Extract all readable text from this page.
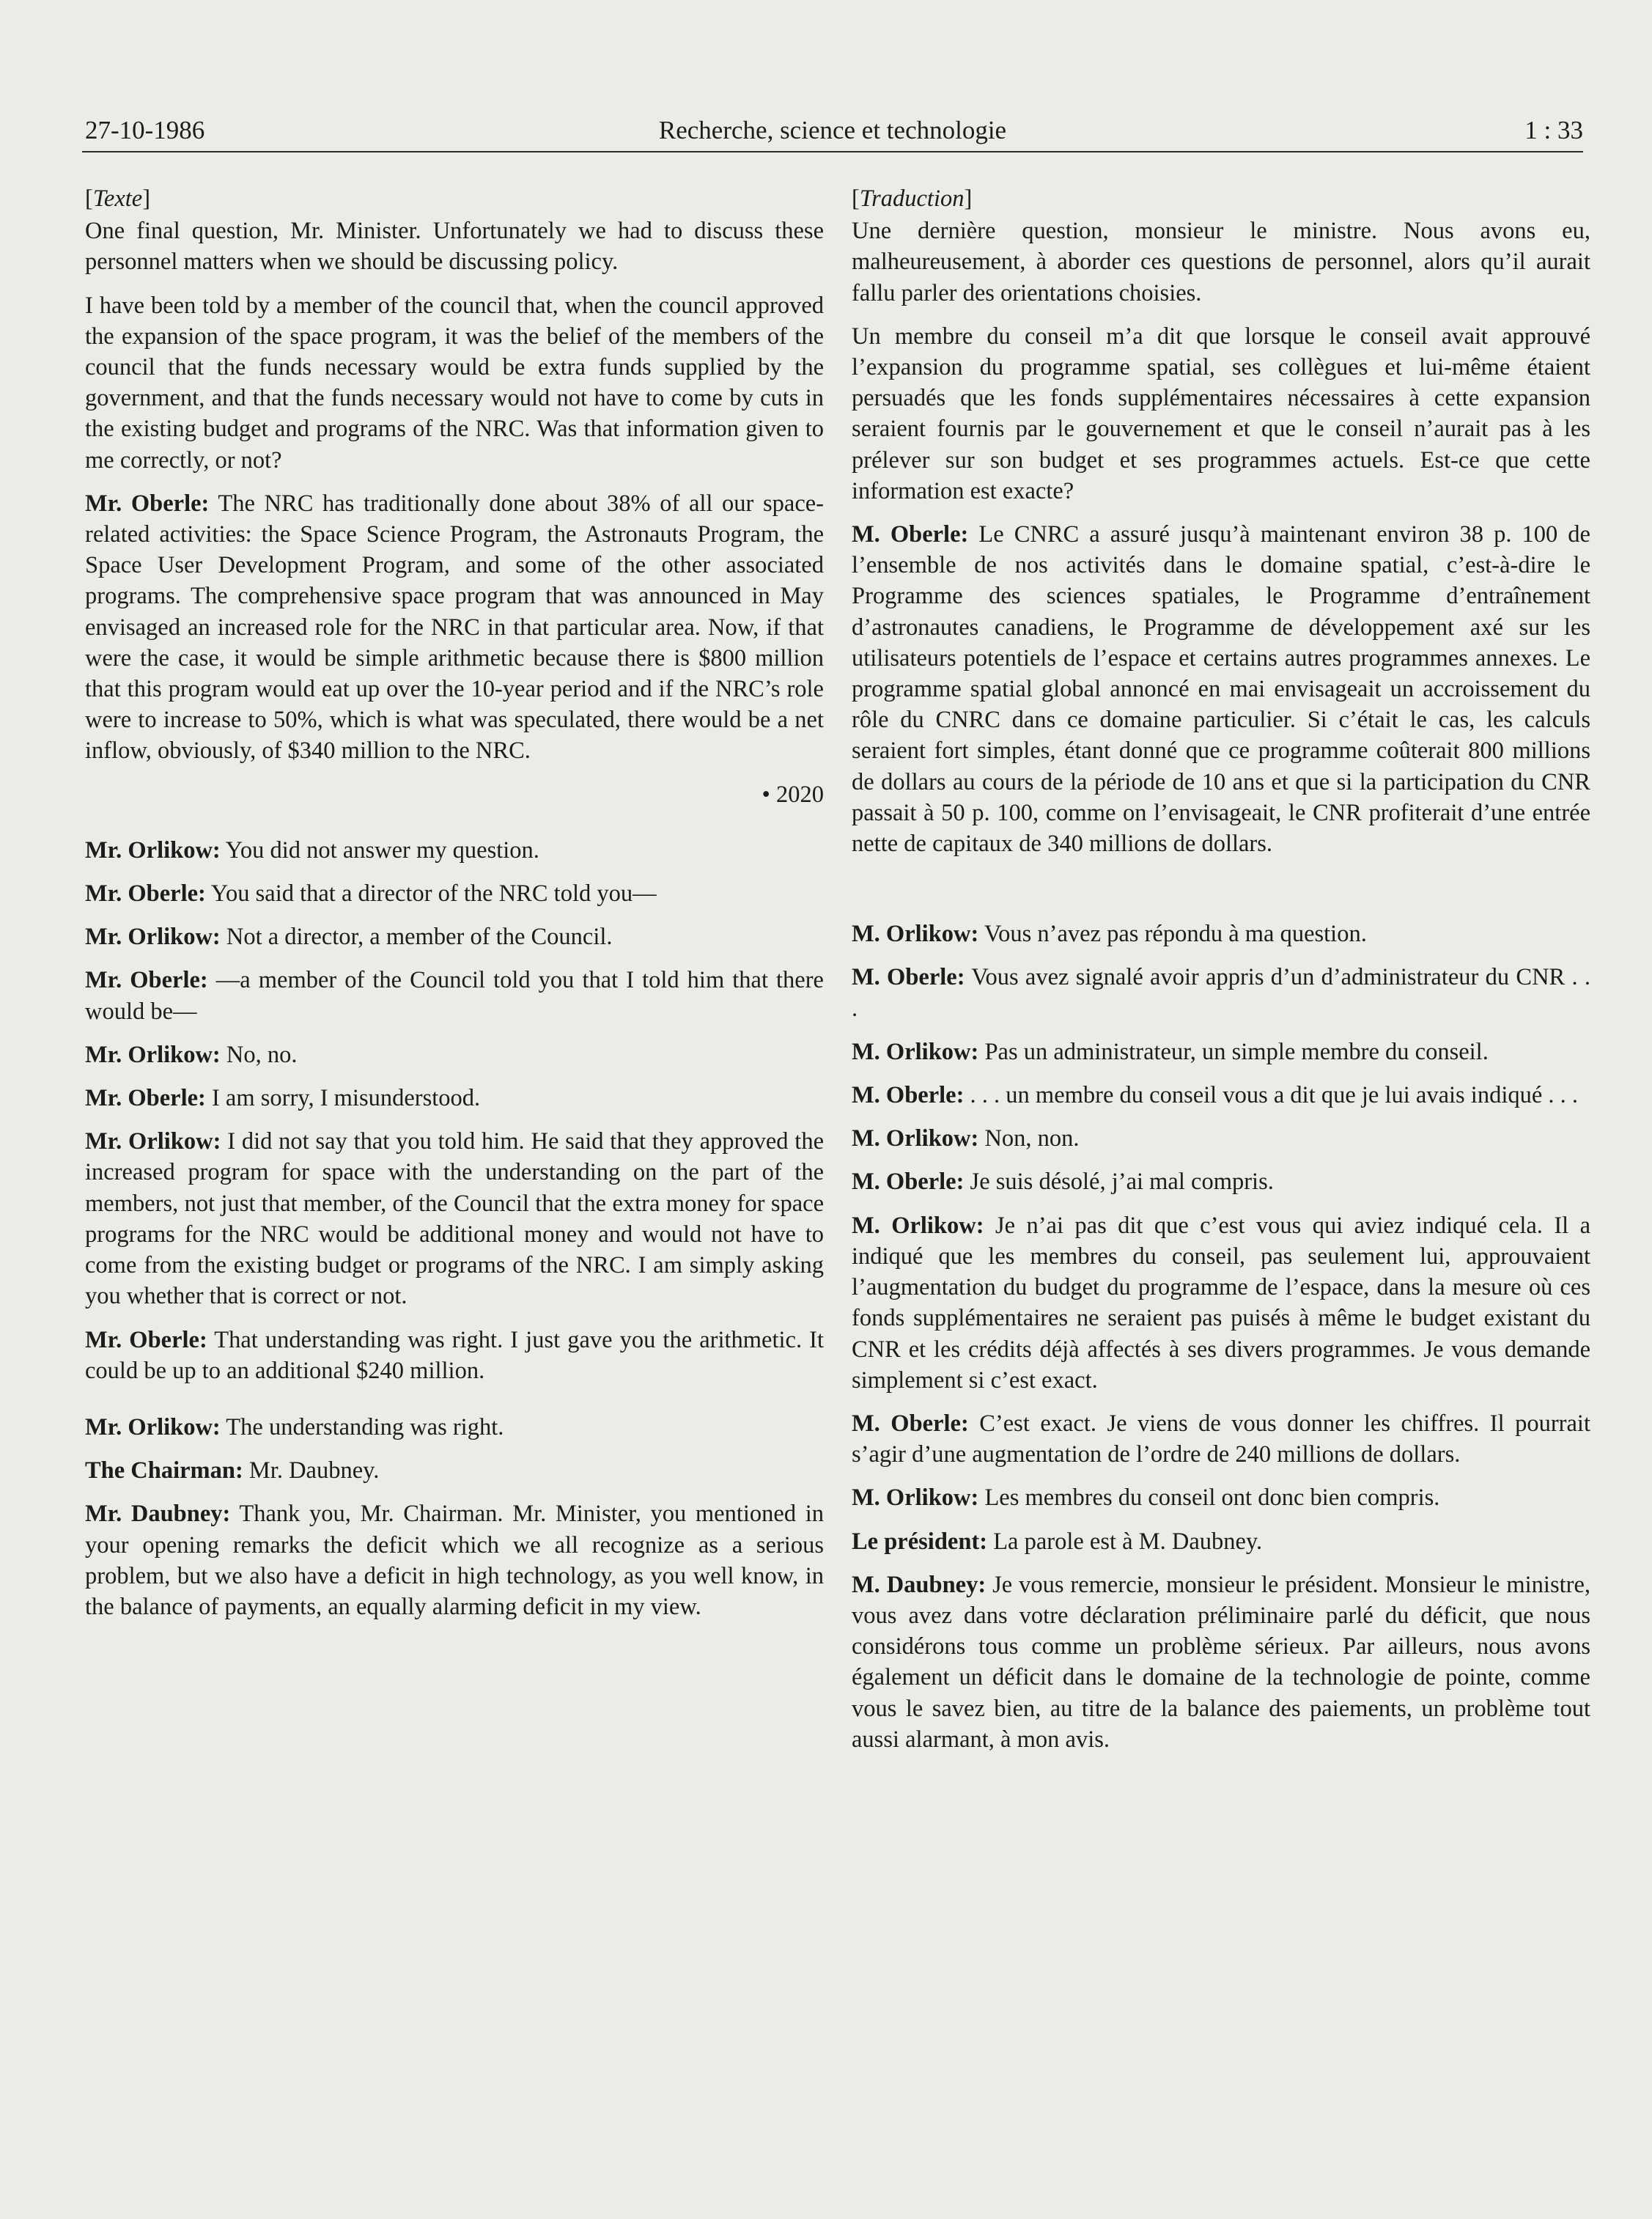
27-10-1986	Recherche, science et technologie	1 : 33
[Texte]
One final question, Mr. Minister. Unfortunately we had to discuss these personnel matters when we should be discussing policy.
I have been told by a member of the council that, when the council approved the expansion of the space program, it was the belief of the members of the council that the funds necessary would be extra funds supplied by the government, and that the funds necessary would not have to come by cuts in the existing budget and programs of the NRC. Was that information given to me correctly, or not?
Mr. Oberle: The NRC has traditionally done about 38% of all our space-related activities: the Space Science Program, the Astronauts Program, the Space User Development Program, and some of the other associated programs. The comprehensive space program that was announced in May envisaged an increased role for the NRC in that particular area. Now, if that were the case, it would be simple arithmetic because there is $800 million that this program would eat up over the 10-year period and if the NRC’s role were to increase to 50%, which is what was speculated, there would be a net inflow, obviously, of $340 million to the NRC.
• 2020
Mr. Orlikow: You did not answer my question.
Mr. Oberle: You said that a director of the NRC told you—
Mr. Orlikow: Not a director, a member of the Council.
Mr. Oberle: —a member of the Council told you that I told him that there would be—
Mr. Orlikow: No, no.
Mr. Oberle: I am sorry, I misunderstood.
Mr. Orlikow: I did not say that you told him. He said that they approved the increased program for space with the understanding on the part of the members, not just that member, of the Council that the extra money for space programs for the NRC would be additional money and would not have to come from the existing budget or programs of the NRC. I am simply asking you whether that is correct or not.
Mr. Oberle: That understanding was right. I just gave you the arithmetic. It could be up to an additional $240 million.
Mr. Orlikow: The understanding was right.
The Chairman: Mr. Daubney.
Mr. Daubney: Thank you, Mr. Chairman. Mr. Minister, you mentioned in your opening remarks the deficit which we all recognize as a serious problem, but we also have a deficit in high technology, as you well know, in the balance of payments, an equally alarming deficit in my view.
[Traduction]
Une dernière question, monsieur le ministre. Nous avons eu, malheureusement, à aborder ces questions de personnel, alors qu’il aurait fallu parler des orientations choisies.
Un membre du conseil m’a dit que lorsque le conseil avait approuvé l’expansion du programme spatial, ses collègues et lui-même étaient persuadés que les fonds supplémentaires nécessaires à cette expansion seraient fournis par le gouvernement et que le conseil n’aurait pas à les prélever sur son budget et ses programmes actuels. Est-ce que cette information est exacte?
M. Oberle: Le CNRC a assuré jusqu’à maintenant environ 38 p. 100 de l’ensemble de nos activités dans le domaine spatial, c’est-à-dire le Programme des sciences spatiales, le Programme d’entraînement d’astronautes canadiens, le Programme de développement axé sur les utilisateurs potentiels de l’espace et certains autres programmes annexes. Le programme spatial global annoncé en mai envisageait un accroissement du rôle du CNRC dans ce domaine particulier. Si c’était le cas, les calculs seraient fort simples, étant donné que ce programme coûterait 800 millions de dollars au cours de la période de 10 ans et que si la participation du CNR passait à 50 p. 100, comme on l’envisageait, le CNR profiterait d’une entrée nette de capitaux de 340 millions de dollars.
M. Orlikow: Vous n’avez pas répondu à ma question.
M. Oberle: Vous avez signalé avoir appris d’un d’administrateur du CNR . . .
M. Orlikow: Pas un administrateur, un simple membre du conseil.
M. Oberle: . . . un membre du conseil vous a dit que je lui avais indiqué . . .
M. Orlikow: Non, non.
M. Oberle: Je suis désolé, j’ai mal compris.
M. Orlikow: Je n’ai pas dit que c’est vous qui aviez indiqué cela. Il a indiqué que les membres du conseil, pas seulement lui, approuvaient l’augmentation du budget du programme de l’espace, dans la mesure où ces fonds supplémentaires ne seraient pas puisés à même le budget existant du CNR et les crédits déjà affectés à ses divers programmes. Je vous demande simplement si c’est exact.
M. Oberle: C’est exact. Je viens de vous donner les chiffres. Il pourrait s’agir d’une augmentation de l’ordre de 240 millions de dollars.
M. Orlikow: Les membres du conseil ont donc bien compris.
Le président: La parole est à M. Daubney.
M. Daubney: Je vous remercie, monsieur le président. Monsieur le ministre, vous avez dans votre déclaration préliminaire parlé du déficit, que nous considérons tous comme un problème sérieux. Par ailleurs, nous avons également un déficit dans le domaine de la technologie de pointe, comme vous le savez bien, au titre de la balance des paiements, un problème tout aussi alarmant, à mon avis.
